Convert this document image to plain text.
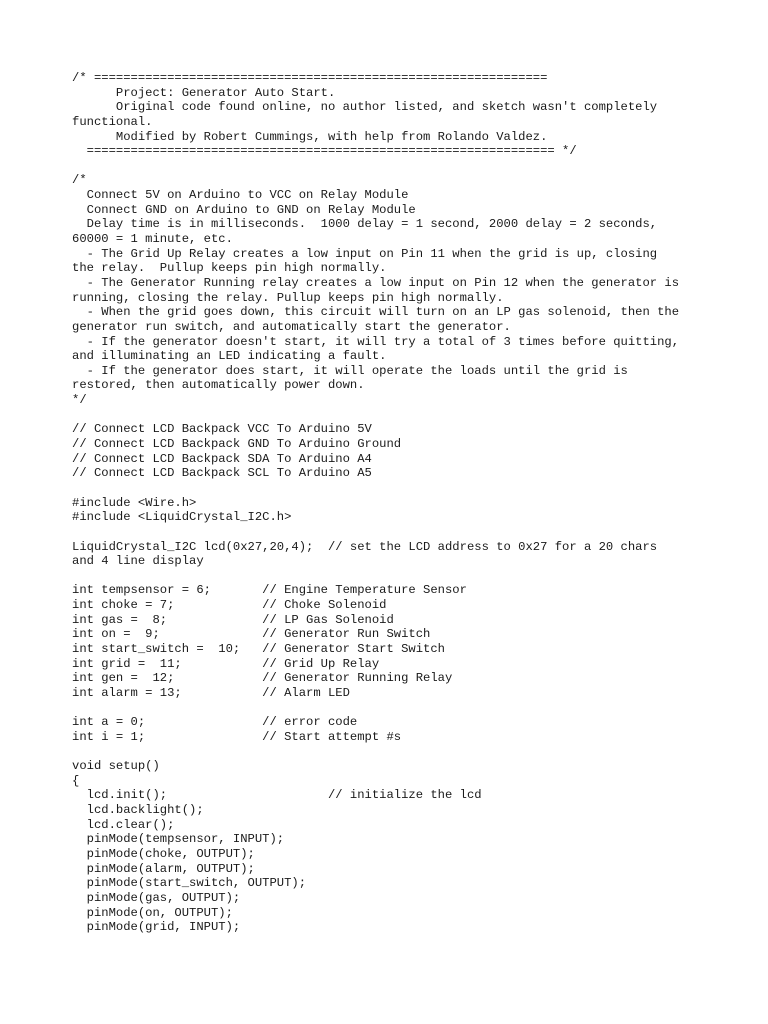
/* ==============================================================
Project: Generator Auto Start.
Original code found online, no author listed, and sketch wasn't completely
functional.
Modified by Robert Cummings, with help from Rolando Valdez.
================================================================ */
/*
Connect 5V on Arduino to VCC on Relay Module
Connect GND on Arduino to GND on Relay Module
Delay time is in milliseconds.  1000 delay = 1 second, 2000 delay = 2 seconds,
60000 = 1 minute, etc.
- The Grid Up Relay creates a low input on Pin 11 when the grid is up, closing
the relay.  Pullup keeps pin high normally.
- The Generator Running relay creates a low input on Pin 12 when the generator is
running, closing the relay. Pullup keeps pin high normally.
- When the grid goes down, this circuit will turn on an LP gas solenoid, then the
generator run switch, and automatically start the generator.
- If the generator doesn't start, it will try a total of 3 times before quitting,
and illuminating an LED indicating a fault.
- If the generator does start, it will operate the loads until the grid is
restored, then automatically power down.
*/
// Connect LCD Backpack VCC To Arduino 5V
// Connect LCD Backpack GND To Arduino Ground
// Connect LCD Backpack SDA To Arduino A4
// Connect LCD Backpack SCL To Arduino A5
#include <Wire.h>
#include <LiquidCrystal_I2C.h>
LiquidCrystal_I2C lcd(0x27,20,4);  // set the LCD address to 0x27 for a 20 chars
and 4 line display
int tempsensor = 6;       // Engine Temperature Sensor
int choke = 7;            // Choke Solenoid
int gas =  8;             // LP Gas Solenoid
int on =  9;              // Generator Run Switch
int start_switch =  10;   // Generator Start Switch
int grid =  11;           // Grid Up Relay
int gen =  12;            // Generator Running Relay
int alarm = 13;           // Alarm LED
int a = 0;                // error code
int i = 1;                // Start attempt #s
void setup()
{
lcd.init();                      // initialize the lcd
lcd.backlight();
lcd.clear();
pinMode(tempsensor, INPUT);
pinMode(choke, OUTPUT);
pinMode(alarm, OUTPUT);
pinMode(start_switch, OUTPUT);
pinMode(gas, OUTPUT);
pinMode(on, OUTPUT);
pinMode(grid, INPUT);
